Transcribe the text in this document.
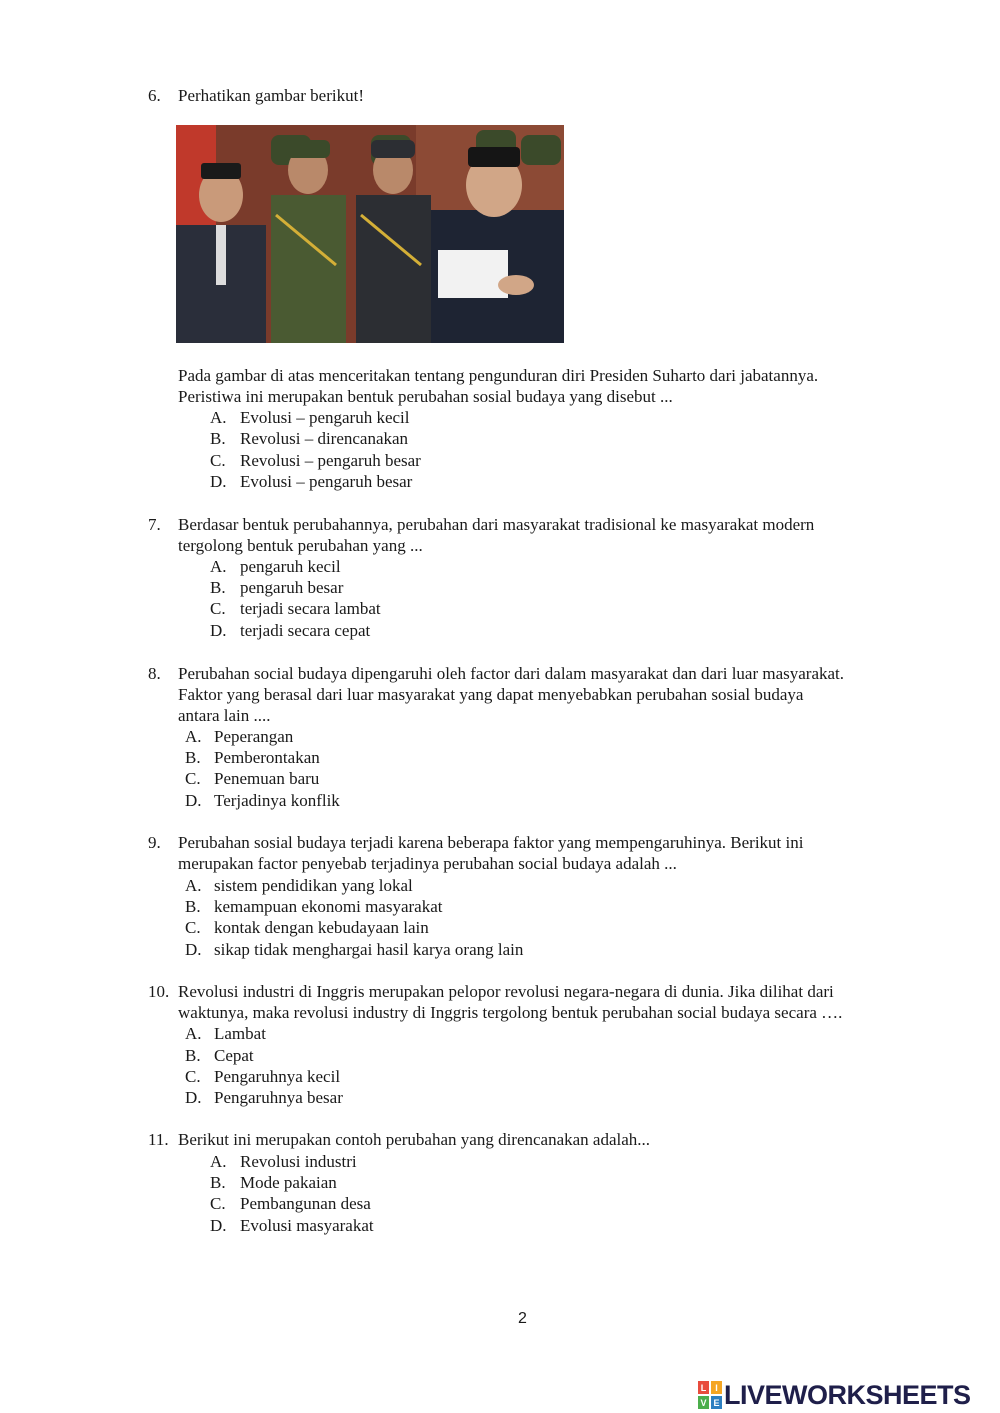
6. Perhatikan gambar berikut!
Pada gambar di atas menceritakan tentang pengunduran diri Presiden Suharto dari jabatannya.
Peristiwa ini merupakan bentuk perubahan sosial budaya yang disebut ...
A. Evolusi – pengaruh kecil
B. Revolusi – direncanakan
C. Revolusi – pengaruh besar
D. Evolusi – pengaruh besar
7. Berdasar bentuk perubahannya, perubahan dari masyarakat tradisional ke masyarakat modern
tergolong bentuk perubahan yang ...
A. pengaruh kecil
B. pengaruh besar
C. terjadi secara lambat
D. terjadi secara cepat
8. Perubahan social budaya dipengaruhi oleh factor dari dalam masyarakat dan dari luar masyarakat.
Faktor yang berasal dari luar masyarakat yang dapat menyebabkan perubahan sosial budaya
antara lain ....
A. Peperangan
B. Pemberontakan
C. Penemuan baru
D. Terjadinya konflik
9. Perubahan sosial budaya terjadi karena beberapa faktor yang mempengaruhinya. Berikut ini
merupakan factor penyebab terjadinya perubahan social budaya adalah ...
A. sistem pendidikan yang lokal
B. kemampuan ekonomi masyarakat
C. kontak dengan kebudayaan lain
D. sikap tidak menghargai hasil karya orang lain
10. Revolusi industri di Inggris merupakan pelopor revolusi negara-negara di dunia. Jika dilihat dari
waktunya, maka revolusi industry di Inggris tergolong bentuk perubahan social budaya secara ….
A. Lambat
B. Cepat
C. Pengaruhnya kecil
D. Pengaruhnya besar
11. Berikut ini merupakan contoh perubahan yang direncanakan adalah...
A. Revolusi industri
B. Mode pakaian
C. Pembangunan desa
D. Evolusi masyarakat
2
L I
V E LIVEWORKSHEETS
